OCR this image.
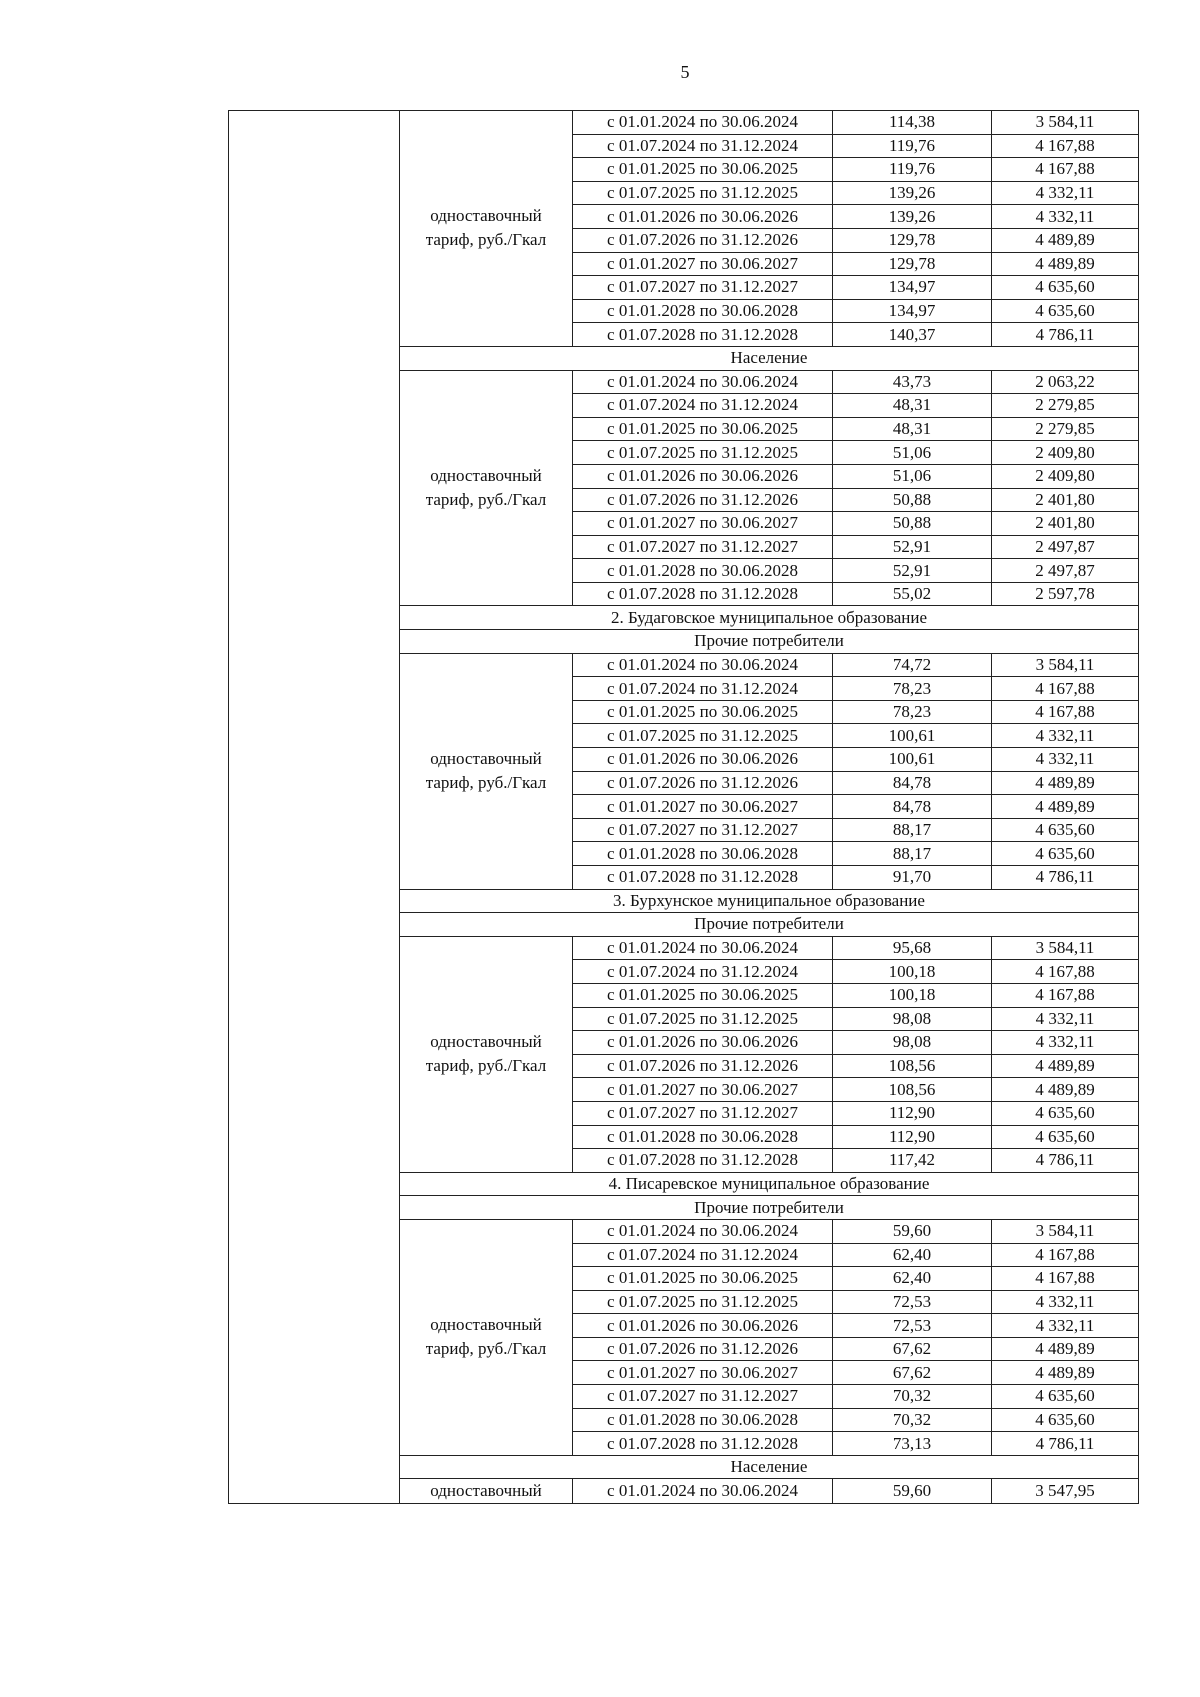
5
	одноставочный
тариф, руб./Гкал	с 01.01.2024 по 30.06.2024	114,38	3 584,11
		с 01.07.2024 по 31.12.2024	119,76	4 167,88
		с 01.01.2025 по 30.06.2025	119,76	4 167,88
		с 01.07.2025 по 31.12.2025	139,26	4 332,11
		с 01.01.2026 по 30.06.2026	139,26	4 332,11
		с 01.07.2026 по 31.12.2026	129,78	4 489,89
		с 01.01.2027 по 30.06.2027	129,78	4 489,89
		с 01.07.2027 по 31.12.2027	134,97	4 635,60
		с 01.01.2028 по 30.06.2028	134,97	4 635,60
		с 01.07.2028 по 31.12.2028	140,37	4 786,11
	Население			
	одноставочный
тариф, руб./Гкал	с 01.01.2024 по 30.06.2024	43,73	2 063,22
		с 01.07.2024 по 31.12.2024	48,31	2 279,85
		с 01.01.2025 по 30.06.2025	48,31	2 279,85
		с 01.07.2025 по 31.12.2025	51,06	2 409,80
		с 01.01.2026 по 30.06.2026	51,06	2 409,80
		с 01.07.2026 по 31.12.2026	50,88	2 401,80
		с 01.01.2027 по 30.06.2027	50,88	2 401,80
		с 01.07.2027 по 31.12.2027	52,91	2 497,87
		с 01.01.2028 по 30.06.2028	52,91	2 497,87
		с 01.07.2028 по 31.12.2028	55,02	2 597,78
	2. Будаговское муниципальное образование			
	Прочие потребители			
	одноставочный
тариф, руб./Гкал	с 01.01.2024 по 30.06.2024	74,72	3 584,11
		с 01.07.2024 по 31.12.2024	78,23	4 167,88
		с 01.01.2025 по 30.06.2025	78,23	4 167,88
		с 01.07.2025 по 31.12.2025	100,61	4 332,11
		с 01.01.2026 по 30.06.2026	100,61	4 332,11
		с 01.07.2026 по 31.12.2026	84,78	4 489,89
		с 01.01.2027 по 30.06.2027	84,78	4 489,89
		с 01.07.2027 по 31.12.2027	88,17	4 635,60
		с 01.01.2028 по 30.06.2028	88,17	4 635,60
		с 01.07.2028 по 31.12.2028	91,70	4 786,11
	3. Бурхунское муниципальное образование			
	Прочие потребители			
	одноставочный
тариф, руб./Гкал	с 01.01.2024 по 30.06.2024	95,68	3 584,11
		с 01.07.2024 по 31.12.2024	100,18	4 167,88
		с 01.01.2025 по 30.06.2025	100,18	4 167,88
		с 01.07.2025 по 31.12.2025	98,08	4 332,11
		с 01.01.2026 по 30.06.2026	98,08	4 332,11
		с 01.07.2026 по 31.12.2026	108,56	4 489,89
		с 01.01.2027 по 30.06.2027	108,56	4 489,89
		с 01.07.2027 по 31.12.2027	112,90	4 635,60
		с 01.01.2028 по 30.06.2028	112,90	4 635,60
		с 01.07.2028 по 31.12.2028	117,42	4 786,11
	4. Писаревское муниципальное образование			
	Прочие потребители			
	одноставочный
тариф, руб./Гкал	с 01.01.2024 по 30.06.2024	59,60	3 584,11
		с 01.07.2024 по 31.12.2024	62,40	4 167,88
		с 01.01.2025 по 30.06.2025	62,40	4 167,88
		с 01.07.2025 по 31.12.2025	72,53	4 332,11
		с 01.01.2026 по 30.06.2026	72,53	4 332,11
		с 01.07.2026 по 31.12.2026	67,62	4 489,89
		с 01.01.2027 по 30.06.2027	67,62	4 489,89
		с 01.07.2027 по 31.12.2027	70,32	4 635,60
		с 01.01.2028 по 30.06.2028	70,32	4 635,60
		с 01.07.2028 по 31.12.2028	73,13	4 786,11
	Население			
	одноставочный	с 01.01.2024 по 30.06.2024	59,60	3 547,95
